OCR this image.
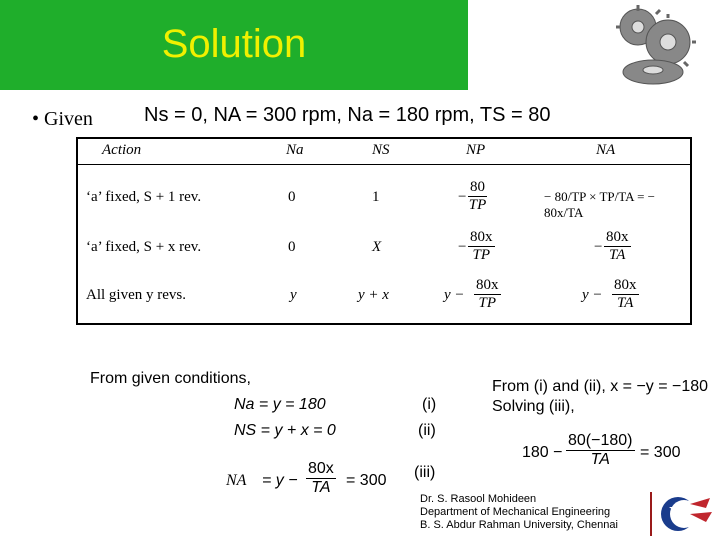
Solution
• Given	Ns = 0, NA = 300 rpm, Na = 180 rpm, TS = 80
Action	Na	NS	NP	NA
‘a’ fixed, S + 1 rev.	0	1	− $\frac{80}{TP}$	− 80/TP × TP/TA = − 80x/TA
‘a’ fixed, S + x rev.	0	X	− $\frac{80x}{TP}$	− $\frac{80x}{TA}$
All given y revs.	y	y + x	$y - \frac{80x}{TP}$	$y - \frac{80x}{TA}$
From given conditions,
Na = y = 180	(i)
NS = y + x = 0	(ii)
NA = $y - \frac{80x}{TA} = 300$ (iii)
From (i) and (ii), x = −y = −180
Solving (iii),
$180 - \frac{80(-180)}{TA} = 300$
Dr. S. Rasool Mohideen
Department of Mechanical Engineering
B. S. Abdur Rahman University, Chennai
